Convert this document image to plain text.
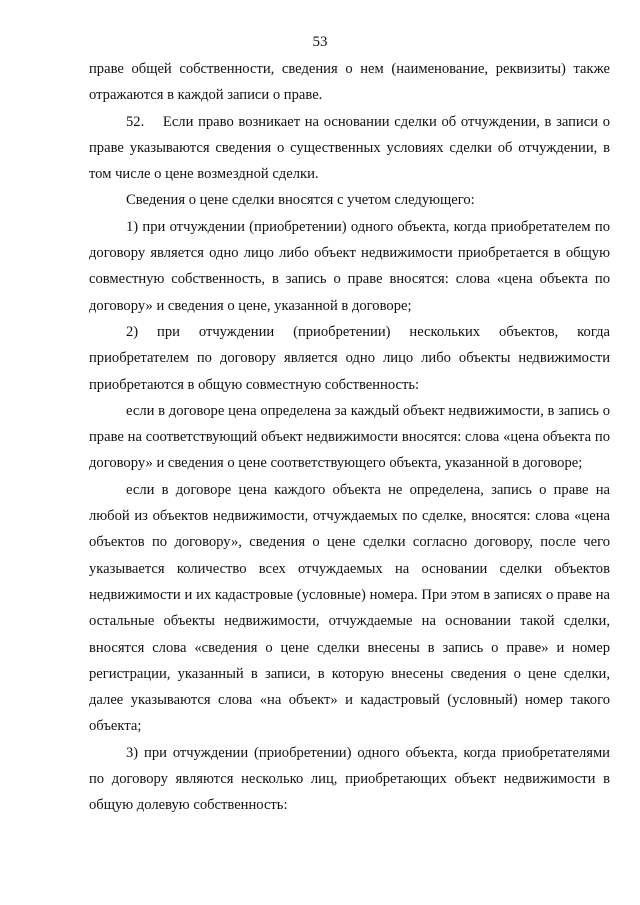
53

праве общей собственности, сведения о нем (наименование, реквизиты) также отражаются в каждой записи о праве.

52.    Если право возникает на основании сделки об отчуждении, в записи о праве указываются сведения о существенных условиях сделки об отчуждении, в том числе о цене возмездной сделки.

Сведения о цене сделки вносятся с учетом следующего:

1) при отчуждении (приобретении) одного объекта, когда приобретателем по договору является одно лицо либо объект недвижимости приобретается в общую совместную собственность, в запись о праве вносятся: слова «цена объекта по договору» и сведения о цене, указанной в договоре;

2) при отчуждении (приобретении) нескольких объектов, когда приобретателем по договору является одно лицо либо объекты недвижимости приобретаются в общую совместную собственность:

если в договоре цена определена за каждый объект недвижимости, в запись о праве на соответствующий объект недвижимости вносятся: слова «цена объекта по договору» и сведения о цене соответствующего объекта, указанной в договоре;

если в договоре цена каждого объекта не определена, запись о праве на любой из объектов недвижимости, отчуждаемых по сделке, вносятся: слова «цена объектов по договору», сведения о цене сделки согласно договору, после чего указывается количество всех отчуждаемых на основании сделки объектов недвижимости и их кадастровые (условные) номера. При этом в записях о праве на остальные объекты недвижимости, отчуждаемые на основании такой сделки, вносятся слова «сведения о цене сделки внесены в запись о праве» и номер регистрации, указанный в записи, в которую внесены сведения о цене сделки, далее указываются слова «на объект» и кадастровый (условный) номер такого объекта;

3) при отчуждении (приобретении) одного объекта, когда приобретателями по договору являются несколько лиц, приобретающих объект недвижимости в общую долевую собственность:
